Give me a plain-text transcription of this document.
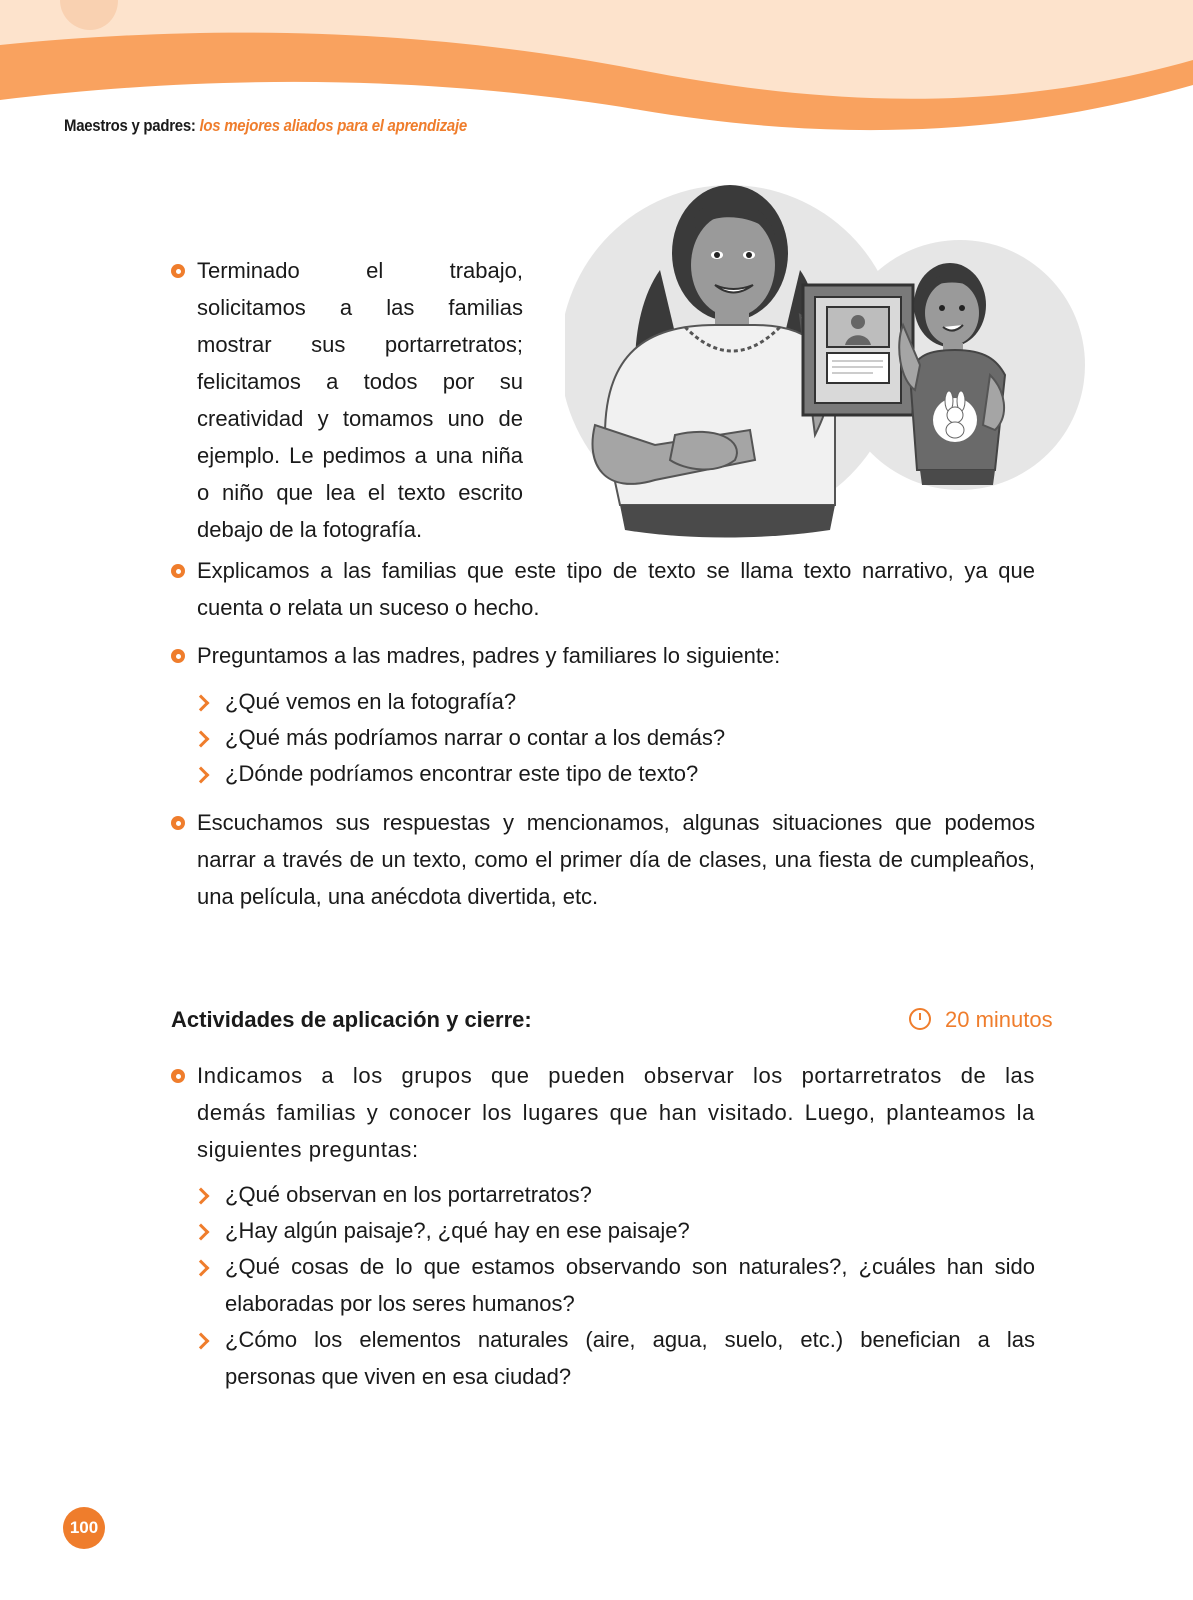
Maestros y padres: los mejores aliados para el aprendizaje
Terminado el trabajo,
solicitamos a las familias
mostrar sus portarretratos;
felicitamos a todos por su
creatividad y tomamos uno de
ejemplo. Le pedimos a una niña
o niño que lea el texto escrito
debajo de la fotografía.
Explicamos a las familias que este tipo de texto se llama texto narrativo, ya que
cuenta o relata un suceso o hecho.
Preguntamos a las madres, padres y familiares lo siguiente:
¿Qué vemos en la fotografía?
¿Qué más podríamos narrar o contar a los demás?
¿Dónde podríamos encontrar este tipo de texto?
Escuchamos sus respuestas y mencionamos, algunas situaciones que podemos
narrar a través de un texto, como el primer día de clases, una fiesta de cumpleaños,
una película, una anécdota divertida, etc.
Actividades de aplicación y cierre:	20 minutos
Indicamos a los grupos que pueden observar los portarretratos de las
demás familias y conocer los lugares que han visitado. Luego, planteamos la
siguientes preguntas:
¿Qué observan en los portarretratos?
¿Hay algún paisaje?, ¿qué hay en ese paisaje?
¿Qué cosas de lo que estamos observando son naturales?, ¿cuáles han sido
elaboradas por los seres humanos?
¿Cómo los elementos naturales (aire, agua, suelo, etc.) benefician a las
personas que viven en esa ciudad?
100
